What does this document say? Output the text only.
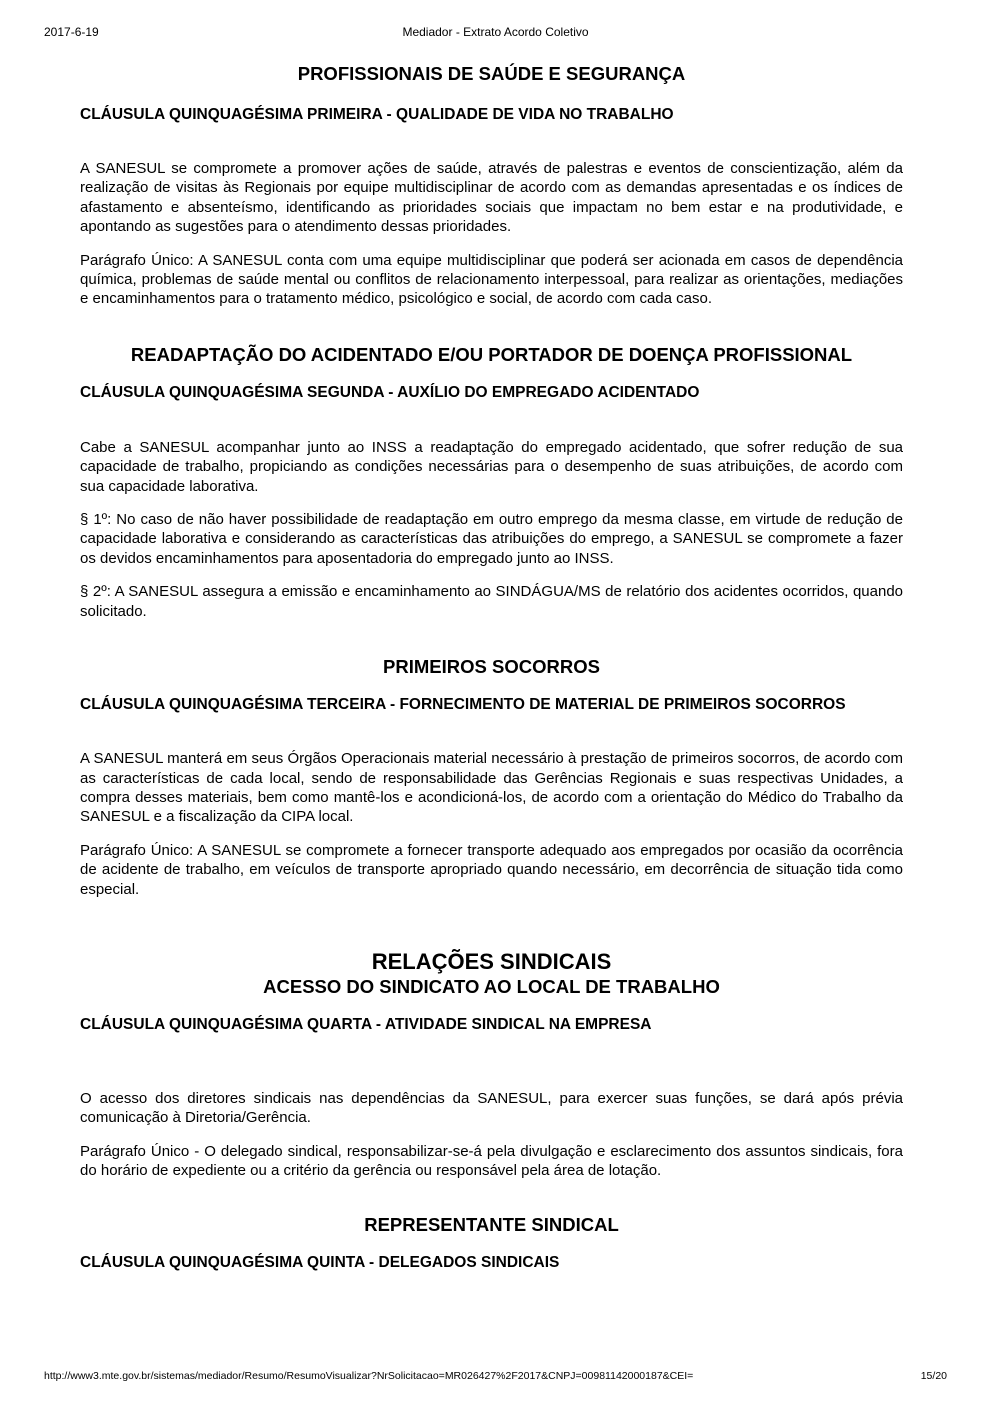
2017-6-19	Mediador - Extrato Acordo Coletivo
PROFISSIONAIS DE SAÚDE E SEGURANÇA

CLÁUSULA QUINQUAGÉSIMA PRIMEIRA - QUALIDADE DE VIDA NO TRABALHO

A SANESUL se compromete a promover ações de saúde, através de palestras e eventos de conscientização, além da realização de visitas às Regionais por equipe multidisciplinar de acordo com as demandas apresentadas e os índices de afastamento e absenteísmo, identificando as prioridades sociais que impactam no bem estar e na produtividade, e apontando as sugestões para o atendimento dessas prioridades.

Parágrafo Único: A SANESUL conta com uma equipe multidisciplinar que poderá ser acionada em casos de dependência química, problemas de saúde mental ou conflitos de relacionamento interpessoal, para realizar as orientações, mediações e encaminhamentos para o tratamento médico, psicológico e social, de acordo com cada caso.

READAPTAÇÃO DO ACIDENTADO E/OU PORTADOR DE DOENÇA PROFISSIONAL

CLÁUSULA QUINQUAGÉSIMA SEGUNDA - AUXÍLIO DO EMPREGADO ACIDENTADO

Cabe a SANESUL acompanhar junto ao INSS a readaptação do empregado acidentado, que sofrer redução de sua capacidade de trabalho, propiciando as condições necessárias para o desempenho de suas atribuições, de acordo com sua capacidade laborativa.

§ 1º: No caso de não haver possibilidade de readaptação em outro emprego da mesma classe, em virtude de redução de capacidade laborativa e considerando as características das atribuições do emprego, a SANESUL se compromete a fazer os devidos encaminhamentos para aposentadoria do empregado junto ao INSS.

§ 2º: A SANESUL assegura a emissão e encaminhamento ao SINDÁGUA/MS de relatório dos acidentes ocorridos, quando solicitado.

PRIMEIROS SOCORROS

CLÁUSULA QUINQUAGÉSIMA TERCEIRA - FORNECIMENTO DE MATERIAL DE PRIMEIROS SOCORROS

A SANESUL manterá em seus Órgãos Operacionais material necessário à prestação de primeiros socorros, de acordo com as características de cada local, sendo de responsabilidade das Gerências Regionais e suas respectivas Unidades, a compra desses materiais, bem como mantê-los e acondicioná-los, de acordo com a orientação do Médico do Trabalho da SANESUL e a fiscalização da CIPA local.

Parágrafo Único: A SANESUL se compromete a fornecer transporte adequado aos empregados por ocasião da ocorrência de acidente de trabalho, em veículos de transporte apropriado quando necessário, em decorrência de situação tida como especial.

RELAÇÕES SINDICAIS
ACESSO DO SINDICATO AO LOCAL DE TRABALHO

CLÁUSULA QUINQUAGÉSIMA QUARTA - ATIVIDADE SINDICAL NA EMPRESA

O acesso dos diretores sindicais nas dependências da SANESUL, para exercer suas funções, se dará após prévia comunicação à Diretoria/Gerência.

Parágrafo Único - O delegado sindical, responsabilizar-se-á pela divulgação e esclarecimento dos assuntos sindicais, fora do horário de expediente ou a critério da gerência ou responsável pela área de lotação.

REPRESENTANTE SINDICAL

CLÁUSULA QUINQUAGÉSIMA QUINTA - DELEGADOS SINDICAIS

http://www3.mte.gov.br/sistemas/mediador/Resumo/ResumoVisualizar?NrSolicitacao=MR026427%2F2017&CNPJ=00981142000187&CEI=	15/20
